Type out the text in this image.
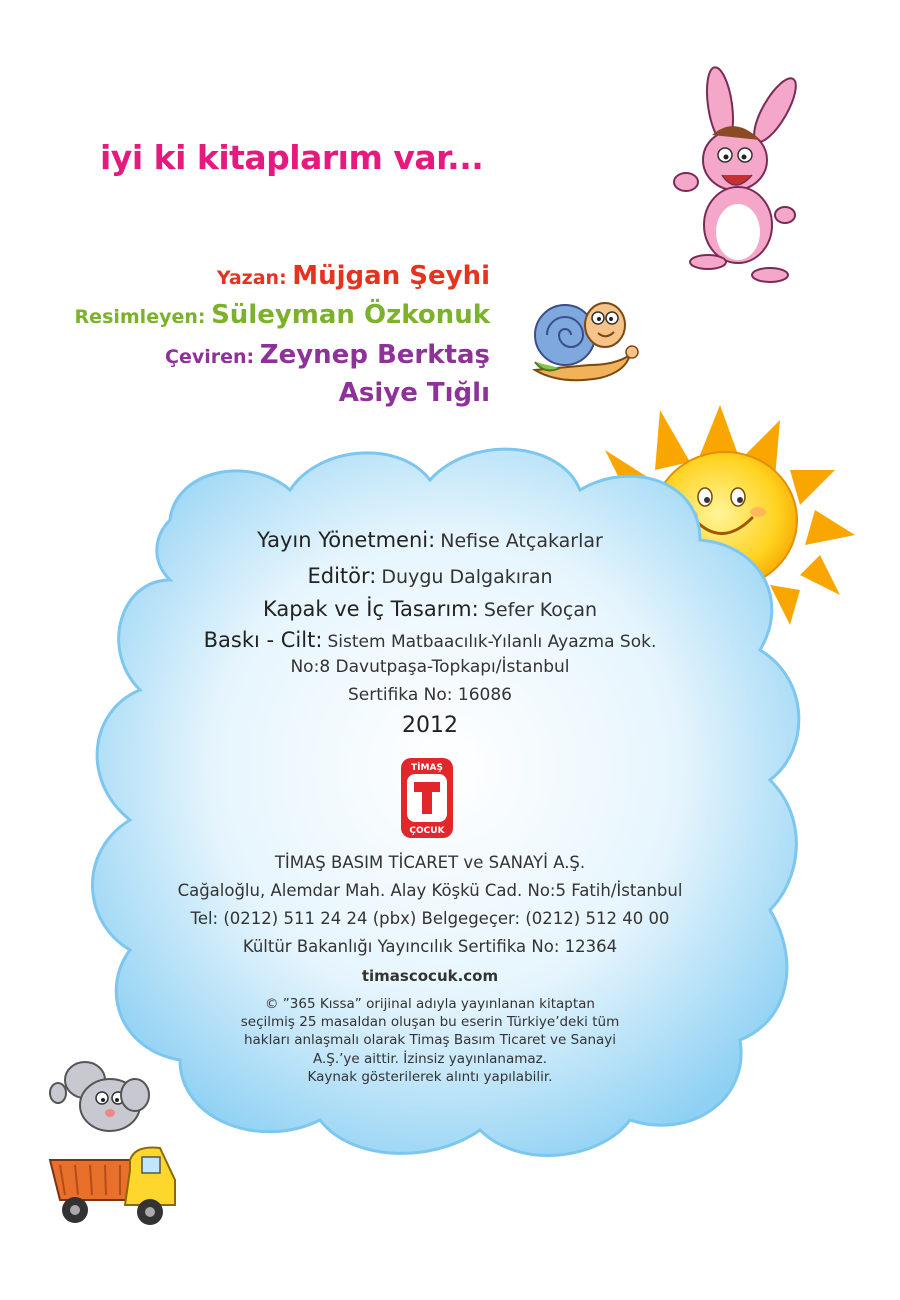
iyi ki kitaplarım var...
Yazan: Müjgan Şeyhi
Resimleyen: Süleyman Özkonuk
Çeviren: Zeynep Berktaş
Asiye Tığlı
Yayın Yönetmeni: Nefise Atçakarlar
Editör: Duygu Dalgakıran
Kapak ve İç Tasarım: Sefer Koçan
Baskı - Cilt: Sistem Matbaacılık-Yılanlı Ayazma Sok.
No:8 Davutpaşa-Topkapı/İstanbul
Sertifika No: 16086
2012
TİMAŞ
ÇOCUK
TİMAŞ BASIM TİCARET ve SANAYİ A.Ş.
Cağaloğlu, Alemdar Mah. Alay Köşkü Cad. No:5 Fatih/İstanbul
Tel: (0212) 511 24 24 (pbx) Belgegeçer: (0212) 512 40 00
Kültür Bakanlığı Yayıncılık Sertifika No: 12364
timascocuk.com
© ”365 Kıssa” orijinal adıyla yayınlanan kitaptan
seçilmiş 25 masaldan oluşan bu eserin Türkiye’deki tüm
hakları anlaşmalı olarak Timaş Basım Ticaret ve Sanayi
A.Ş.’ye aittir. İzinsiz yayınlanamaz.
Kaynak gösterilerek alıntı yapılabilir.
